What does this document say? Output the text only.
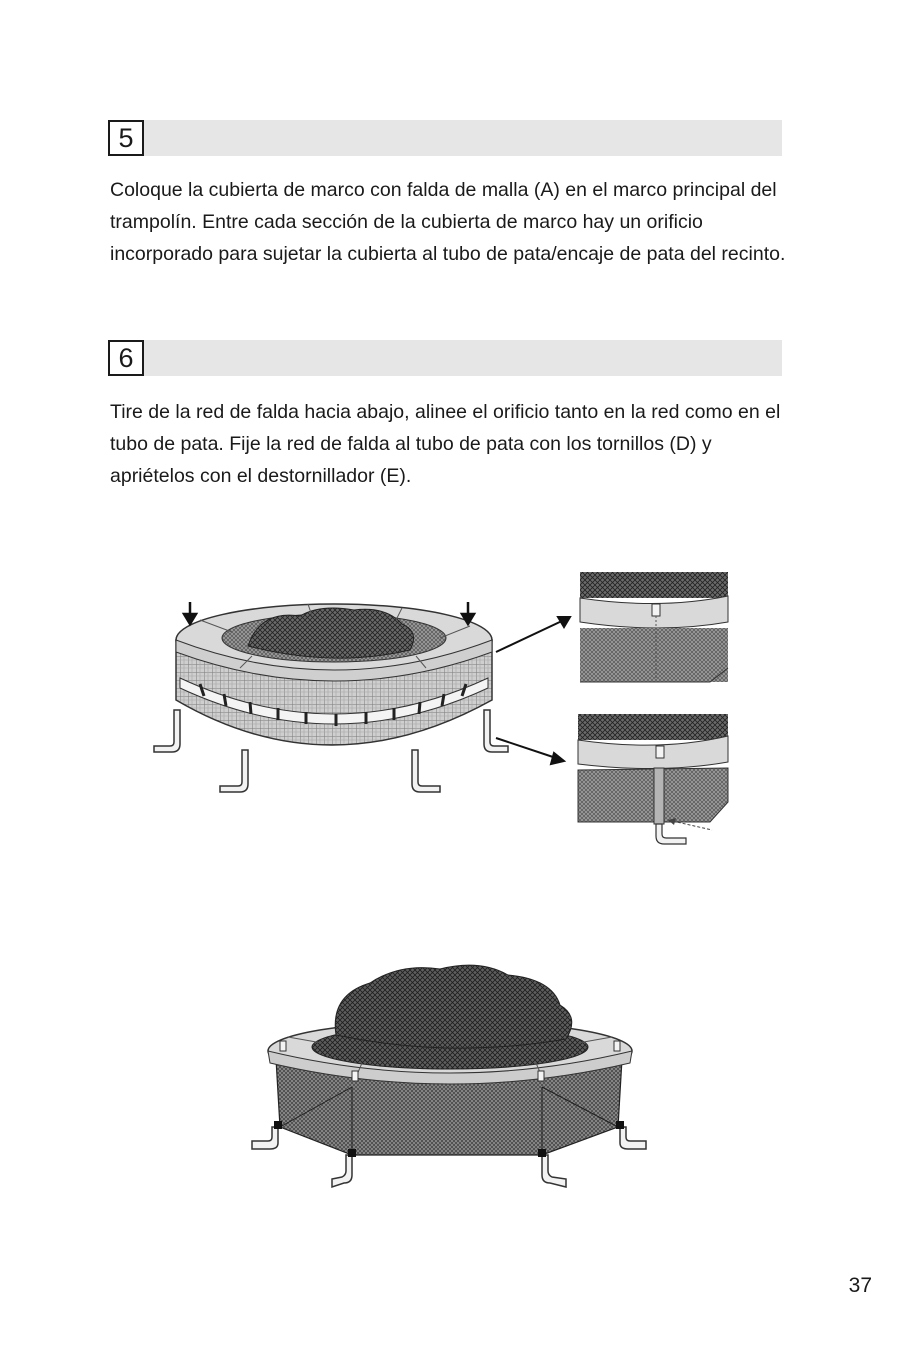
5

Coloque la cubierta de marco con falda de malla (A) en el marco principal del trampolín. Entre cada sección de la cubierta de marco hay un orificio incorporado para sujetar la cubierta al tubo de pata/encaje de pata del recinto.

6

Tire de la red de falda hacia abajo, alinee el orificio tanto en la red como en el tubo de pata. Fije la red de falda al tubo de pata con los tornillos (D) y apriételos con el destornillador (E).

37
